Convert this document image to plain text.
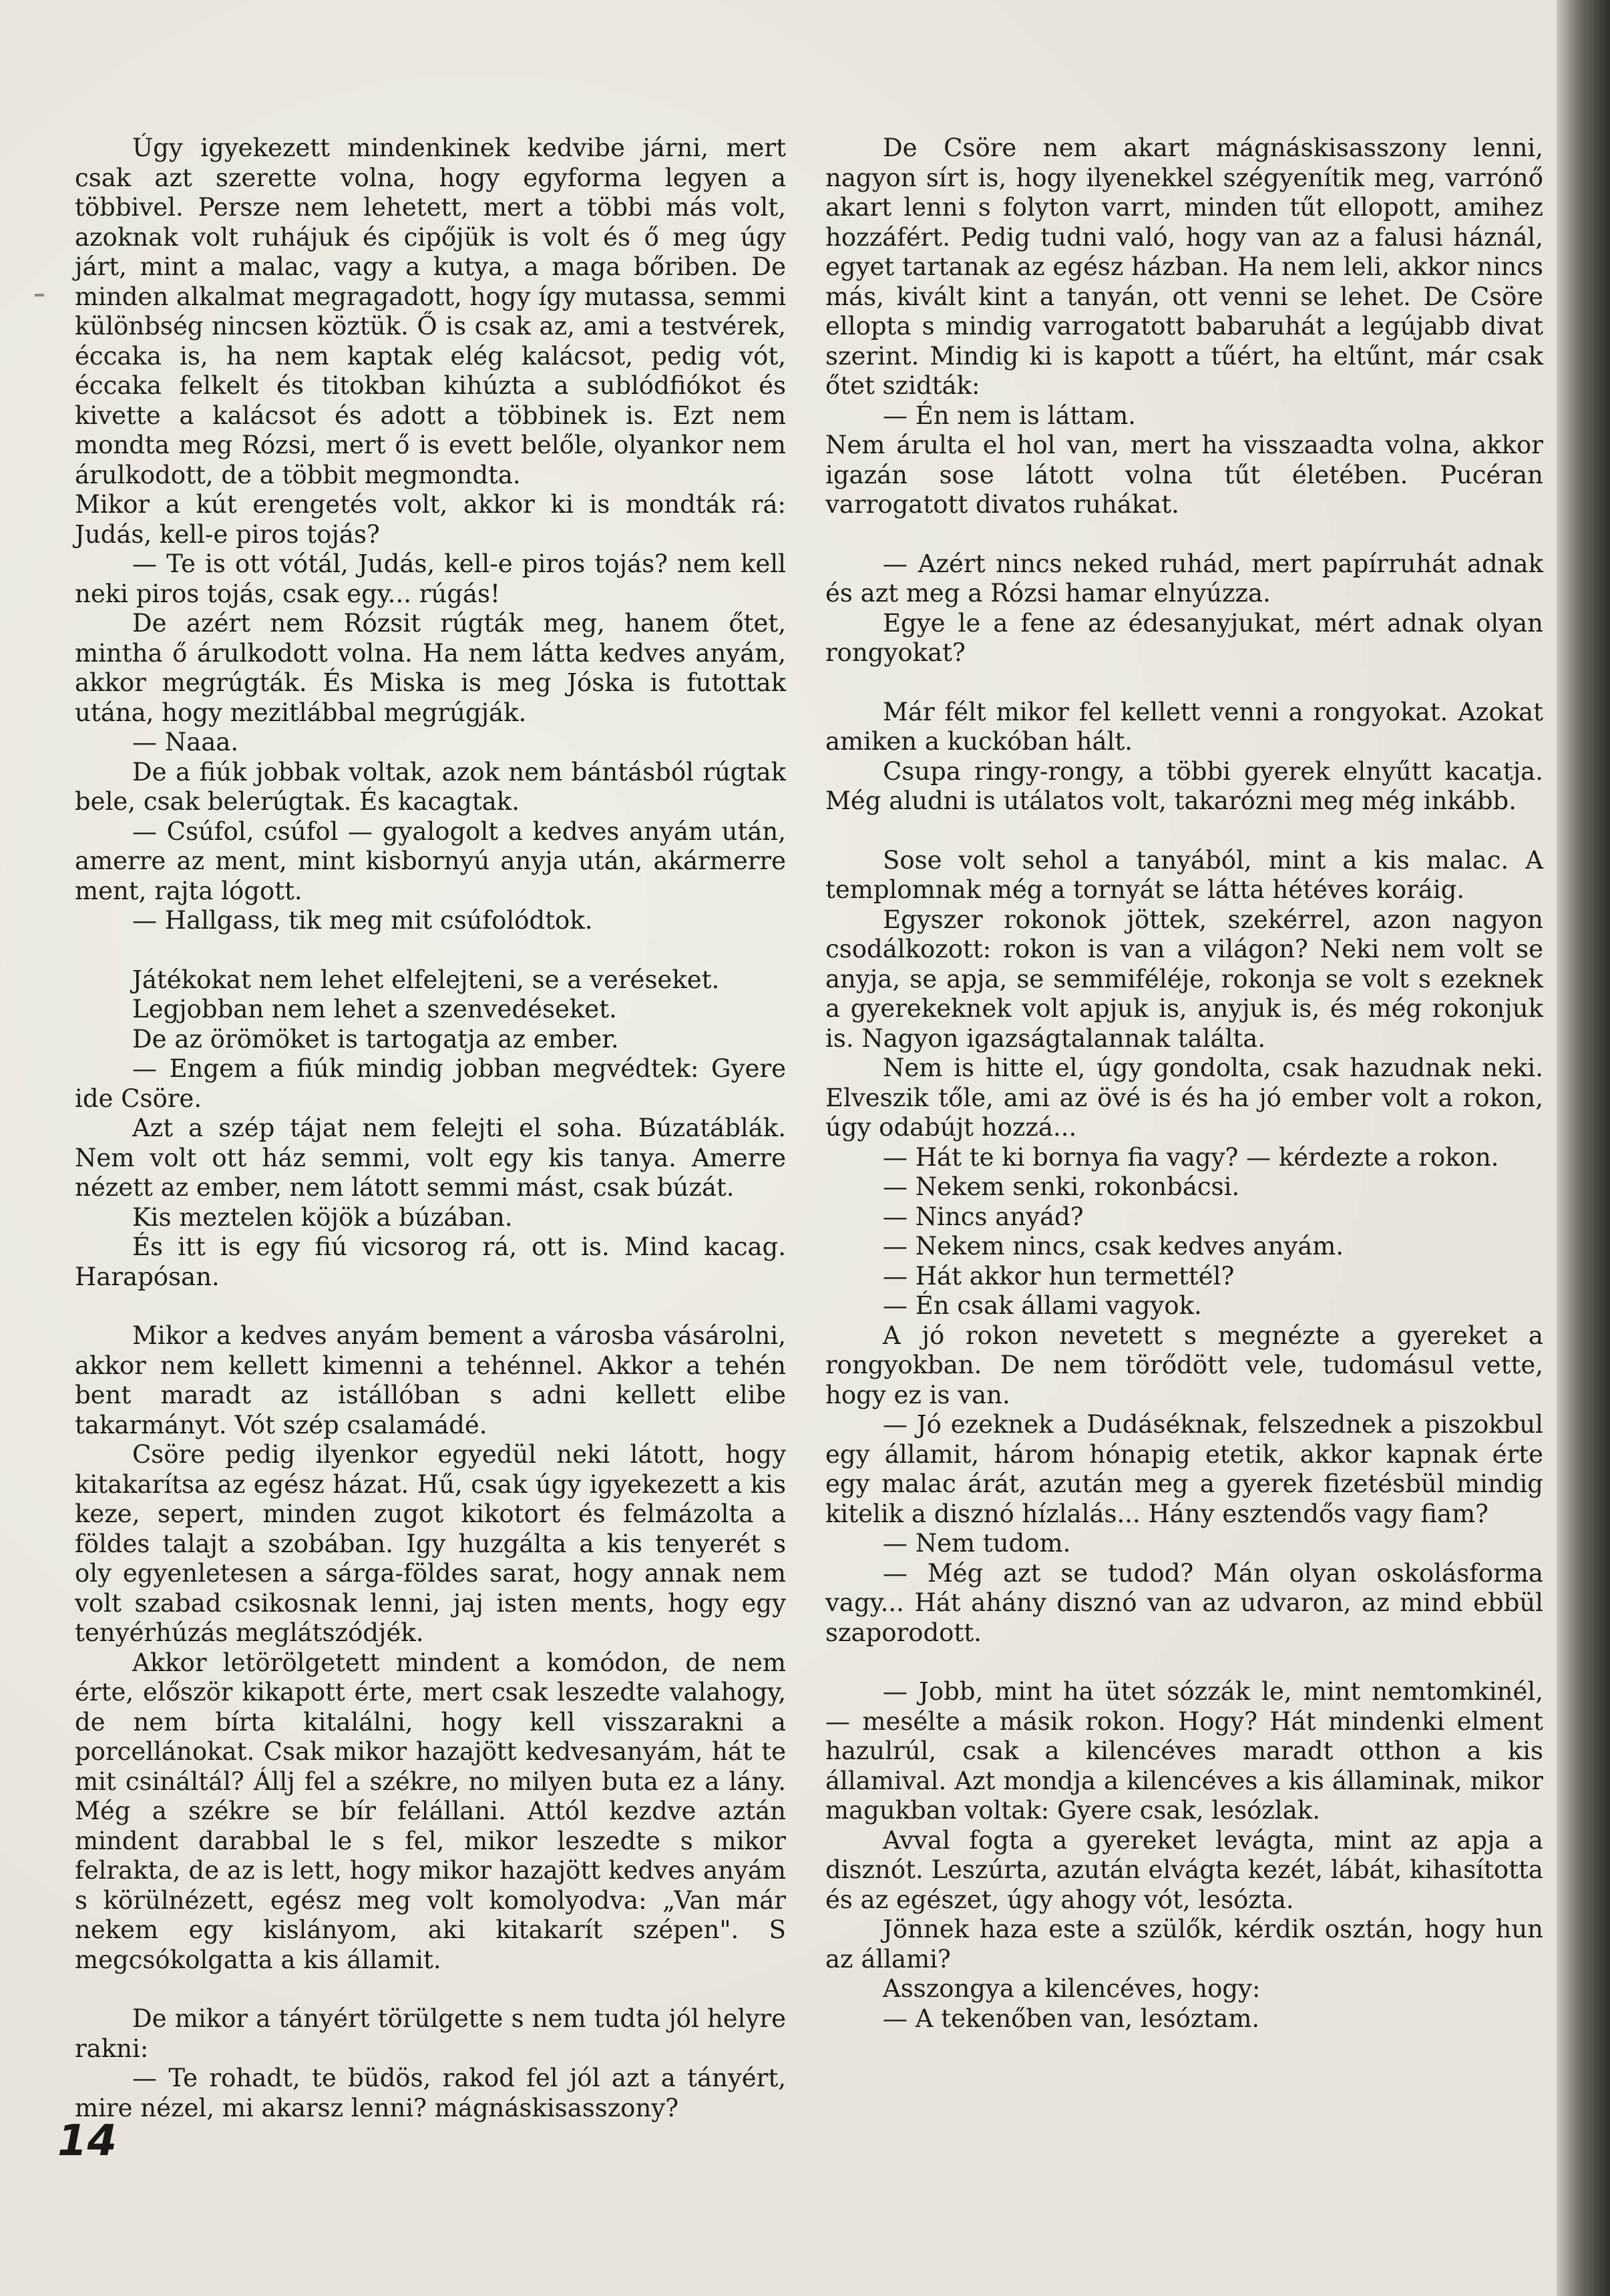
Úgy igyekezett mindenkinek kedvibe járni, mert csak azt szerette volna, hogy egyforma legyen a többivel. Persze nem lehetett, mert a többi más volt, azoknak volt ruhájuk és cipőjük is volt és ő meg úgy járt, mint a malac, vagy a kutya, a maga bőriben. De minden alkalmat megragadott, hogy így mutassa, semmi különbség nincsen köztük. Ő is csak az, ami a testvérek, éccaka is, ha nem kaptak elég kalácsot, pedig vót, éccaka felkelt és titokban kihúzta a sublódfiókot és kivette a kalácsot és adott a többinek is. Ezt nem mondta meg Rózsi, mert ő is evett belőle, olyankor nem árulkodott, de a többit megmondta.

Mikor a kút erengetés volt, akkor ki is mondták rá: Judás, kell-e piros tojás?

— Te is ott vótál, Judás, kell-e piros tojás? nem kell neki piros tojás, csak egy... rúgás!

De azért nem Rózsit rúgták meg, hanem őtet, mintha ő árulkodott volna. Ha nem látta kedves anyám, akkor megrúgták. És Miska is meg Jóska is futottak utána, hogy mezitlábbal megrúgják.

— Naaa.

De a fiúk jobbak voltak, azok nem bántásból rúgtak bele, csak belerúgtak. És kacagtak.

— Csúfol, csúfol — gyalogolt a kedves anyám után, amerre az ment, mint kisbornyú anyja után, akármerre ment, rajta lógott.

— Hallgass, tik meg mit csúfolódtok.

Játékokat nem lehet elfelejteni, se a veréseket.

Legjobban nem lehet a szenvedéseket.

De az örömöket is tartogatja az ember.

— Engem a fiúk mindig jobban megvédtek: Gyere ide Csöre.

Azt a szép tájat nem felejti el soha. Búzatáblák. Nem volt ott ház semmi, volt egy kis tanya. Amerre nézett az ember, nem látott semmi mást, csak búzát.

Kis meztelen köjök a búzában.

És itt is egy fiú vicsorog rá, ott is. Mind kacag. Harapósan.

Mikor a kedves anyám bement a városba vásárolni, akkor nem kellett kimenni a tehénnel. Akkor a tehén bent maradt az istállóban s adni kellett elibe takarmányt. Vót szép csalamádé.

Csöre pedig ilyenkor egyedül neki látott, hogy kitakarítsa az egész házat. Hű, csak úgy igyekezett a kis keze, sepert, minden zugot kikotort és felmázolta a földes talajt a szobában. Igy huzgálta a kis tenyerét s oly egyenletesen a sárga-földes sarat, hogy annak nem volt szabad csikosnak lenni, jaj isten ments, hogy egy tenyérhúzás meglátszódjék.

Akkor letörölgetett mindent a komódon, de nem érte, először kikapott érte, mert csak leszedte valahogy, de nem bírta kitalálni, hogy kell visszarakni a porcellánokat. Csak mikor hazajött kedvesanyám, hát te mit csináltál? Állj fel a székre, no milyen buta ez a lány. Még a székre se bír felállani. Attól kezdve aztán mindent darabbal le s fel, mikor leszedte s mikor felrakta, de az is lett, hogy mikor hazajött kedves anyám s körülnézett, egész meg volt komolyodva: „Van már nekem egy kislányom, aki kitakarít szépen". S megcsókolgatta a kis államit.

De mikor a tányért törülgette s nem tudta jól helyre rakni:

— Te rohadt, te büdös, rakod fel jól azt a tányért, mire nézel, mi akarsz lenni? mágnáskisasszony?

De Csöre nem akart mágnáskisasszony lenni, nagyon sírt is, hogy ilyenekkel szégyenítik meg, varrónő akart lenni s folyton varrt, minden tűt ellopott, amihez hozzáfért. Pedig tudni való, hogy van az a falusi háznál, egyet tartanak az egész házban. Ha nem leli, akkor nincs más, kivált kint a tanyán, ott venni se lehet. De Csöre ellopta s mindig varrogatott babaruhát a legújabb divat szerint. Mindig ki is kapott a tűért, ha eltűnt, már csak őtet szidták:

— Én nem is láttam.

Nem árulta el hol van, mert ha visszaadta volna, akkor igazán sose látott volna tűt életében. Pucéran varrogatott divatos ruhákat.

— Azért nincs neked ruhád, mert papírruhát adnak és azt meg a Rózsi hamar elnyúzza.

Egye le a fene az édesanyjukat, mért adnak olyan rongyokat?

Már félt mikor fel kellett venni a rongyokat. Azokat amiken a kuckóban hált.

Csupa ringy-rongy, a többi gyerek elnyűtt kacatja. Még aludni is utálatos volt, takarózni meg még inkább.

Sose volt sehol a tanyából, mint a kis malac. A templomnak még a tornyát se látta hétéves koráig.

Egyszer rokonok jöttek, szekérrel, azon nagyon csodálkozott: rokon is van a világon? Neki nem volt se anyja, se apja, se semmiféléje, rokonja se volt s ezeknek a gyerekeknek volt apjuk is, anyjuk is, és még rokonjuk is. Nagyon igazságtalannak találta.

Nem is hitte el, úgy gondolta, csak hazudnak neki. Elveszik tőle, ami az övé is és ha jó ember volt a rokon, úgy odabújt hozzá...

— Hát te ki bornya fia vagy? — kérdezte a rokon.

— Nekem senki, rokonbácsi.

— Nincs anyád?

— Nekem nincs, csak kedves anyám.

— Hát akkor hun termettél?

— Én csak állami vagyok.

A jó rokon nevetett s megnézte a gyereket a rongyokban. De nem törődött vele, tudomásul vette, hogy ez is van.

— Jó ezeknek a Dudáséknak, felszednek a piszokbul egy államit, három hónapig etetik, akkor kapnak érte egy malac árát, azután meg a gyerek fizetésbül mindig kitelik a disznó hízlalás... Hány esztendős vagy fiam?

— Nem tudom.

— Még azt se tudod? Mán olyan oskolásforma vagy... Hát ahány disznó van az udvaron, az mind ebbül szaporodott.

— Jobb, mint ha ütet sózzák le, mint nemtomkinél, — mesélte a másik rokon. Hogy? Hát mindenki elment hazulrúl, csak a kilencéves maradt otthon a kis államival. Azt mondja a kilencéves a kis államinak, mikor magukban voltak: Gyere csak, lesózlak.

Avval fogta a gyereket levágta, mint az apja a disznót. Leszúrta, azután elvágta kezét, lábát, kihasította és az egészet, úgy ahogy vót, lesózta.

Jönnek haza este a szülők, kérdik osztán, hogy hun az állami?

Asszongya a kilencéves, hogy:

— A tekenőben van, lesóztam.

14
